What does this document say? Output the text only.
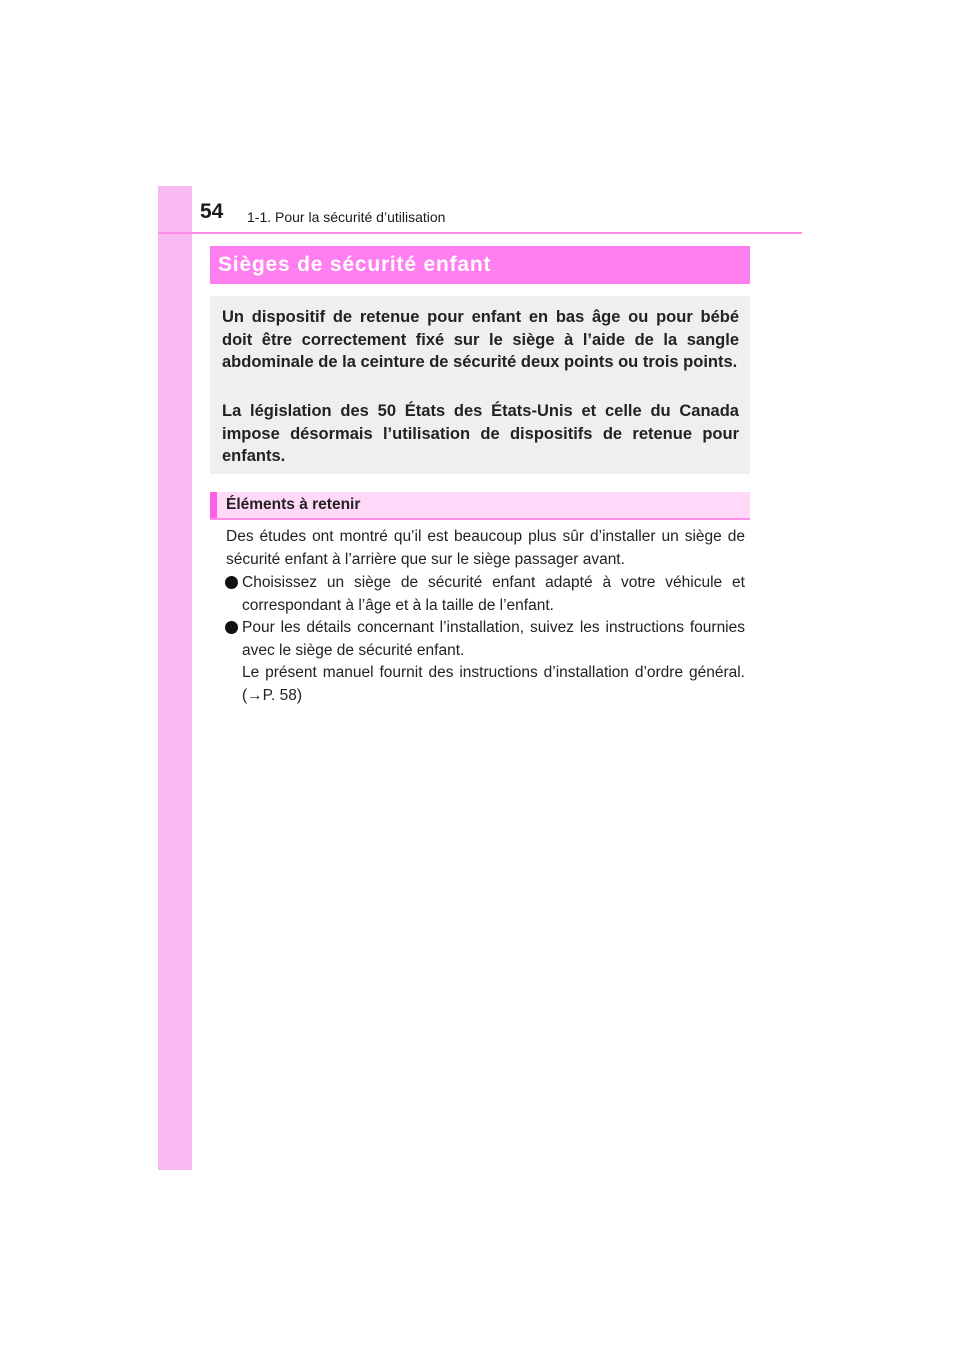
54 1-1. Pour la sécurité d’utilisation
Sièges de sécurité enfant

Un dispositif de retenue pour enfant en bas âge ou pour bébé doit être correctement fixé sur le siège à l’aide de la sangle abdominale de la ceinture de sécurité deux points ou trois points.

La législation des 50 États des États-Unis et celle du Canada impose désormais l’utilisation de dispositifs de retenue pour enfants.

Éléments à retenir

Des études ont montré qu’il est beaucoup plus sûr d’installer un siège de sécurité enfant à l’arrière que sur le siège passager avant.

Choisissez un siège de sécurité enfant adapté à votre véhicule et correspondant à l’âge et à la taille de l’enfant.

Pour les détails concernant l’installation, suivez les instructions fournies avec le siège de sécurité enfant.
Le présent manuel fournit des instructions d’installation d’ordre général. (→P. 58)
